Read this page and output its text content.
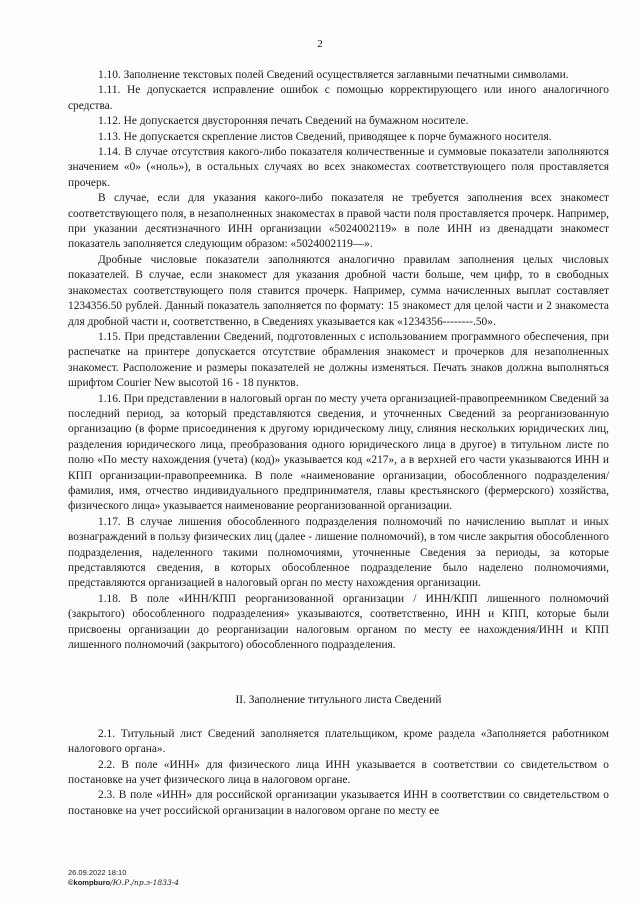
2

1.10. Заполнение текстовых полей Сведений осуществляется заглавными печатными символами.

1.11. Не допускается исправление ошибок с помощью корректирующего или иного аналогичного средства.

1.12. Не допускается двусторонняя печать Сведений на бумажном носителе.

1.13. Не допускается скрепление листов Сведений, приводящее к порче бумажного носителя.

1.14. В случае отсутствия какого-либо показателя количественные и суммовые показатели заполняются значением «0» («ноль»), в остальных случаях во всех знакоместах соответствующего поля проставляется прочерк.

В случае, если для указания какого-либо показателя не требуется заполнения всех знакомест соответствующего поля, в незаполненных знакоместах в правой части поля проставляется прочерк. Например, при указании десятизначного ИНН организации «5024002119» в поле ИНН из двенадцати знакомест показатель заполняется следующим образом: «5024002119—».

Дробные числовые показатели заполняются аналогично правилам заполнения целых числовых показателей. В случае, если знакомест для указания дробной части больше, чем цифр, то в свободных знакоместах соответствующего поля ставится прочерк. Например, сумма начисленных выплат составляет 1234356.50 рублей. Данный показатель заполняется по формату: 15 знакомест для целой части и 2 знакоместа для дробной части и, соответственно, в Сведениях указывается как «1234356--------.50».

1.15. При представлении Сведений, подготовленных с использованием программного обеспечения, при распечатке на принтере допускается отсутствие обрамления знакомест и прочерков для незаполненных знакомест. Расположение и размеры показателей не должны изменяться. Печать знаков должна выполняться шрифтом Courier New высотой 16 - 18 пунктов.

1.16. При представлении в налоговый орган по месту учета организацией-правопреемником Сведений за последний период, за который представляются сведения, и уточненных Сведений за реорганизованную организацию (в форме присоединения к другому юридическому лицу, слияния нескольких юридических лиц, разделения юридического лица, преобразования одного юридического лица в другое) в титульном листе по полю «По месту нахождения (учета) (код)» указывается код «217», а в верхней его части указываются ИНН и КПП организации-правопреемника. В поле «наименование организации, обособленного подразделения/фамилия, имя, отчество индивидуального предпринимателя, главы крестьянского (фермерского) хозяйства, физического лица» указывается наименование реорганизованной организации.

1.17. В случае лишения обособленного подразделения полномочий по начислению выплат и иных вознаграждений в пользу физических лиц (далее - лишение полномочий), в том числе закрытия обособленного подразделения, наделенного такими полномочиями, уточненные Сведения за периоды, за которые представляются сведения, в которых обособленное подразделение было наделено полномочиями, представляются организацией в налоговый орган по месту нахождения организации.

1.18. В поле «ИНН/КПП реорганизованной организации / ИНН/КПП лишенного полномочий (закрытого) обособленного подразделения» указываются, соответственно, ИНН и КПП, которые были присвоены организации до реорганизации налоговым органом по месту ее нахождения/ИНН и КПП лишенного полномочий (закрытого) обособленного подразделения.

II. Заполнение титульного листа Сведений

2.1. Титульный лист Сведений заполняется плательщиком, кроме раздела «Заполняется работником налогового органа».

2.2. В поле «ИНН» для физического лица ИНН указывается в соответствии со свидетельством о постановке на учет физического лица в налоговом органе.

2.3. В поле «ИНН» для российской организации указывается ИНН в соответствии со свидетельством о постановке на учет российской организации в налоговом органе по месту ее

26.09.2022 18:10
©kompburo/Ю.Р./пр.з-1833-4
